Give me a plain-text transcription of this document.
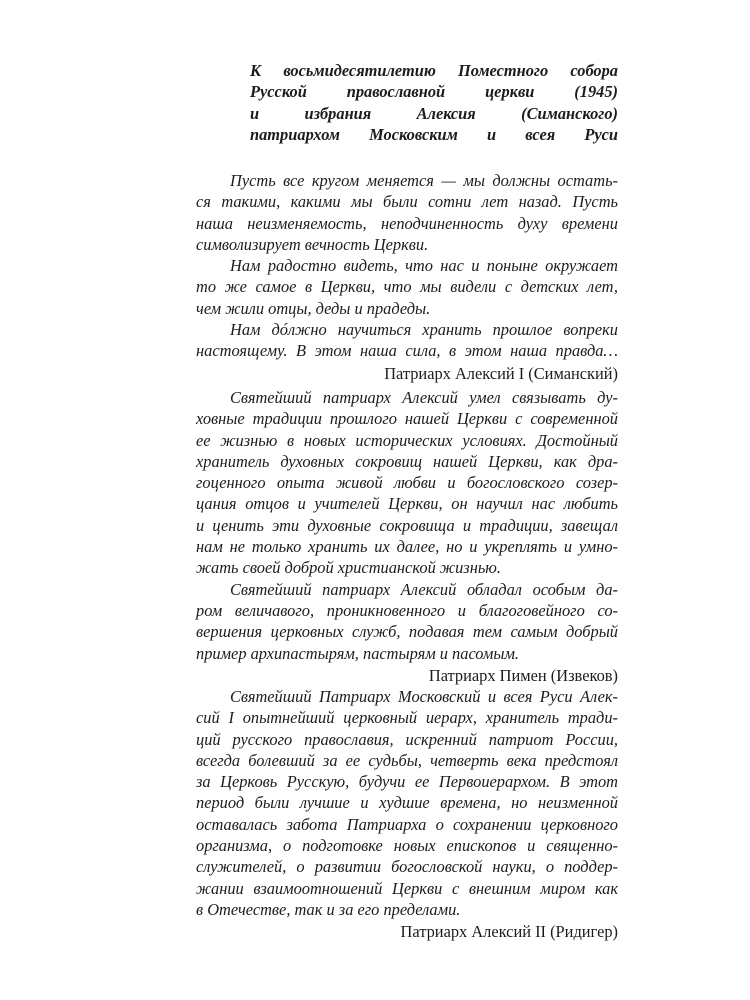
К восьмидесятилетию Поместного собора
Русской православной церкви (1945)
и избрания Алексия (Симанского)
патриархом Московским и всея Руси
Пусть все кругом меняется — мы должны остать-
ся такими, какими мы были сотни лет назад. Пусть
наша неизменяемость, неподчиненность духу времени
символизирует вечность Церкви.
Нам радостно видеть, что нас и поныне окружает
то же самое в Церкви, что мы видели с детских лет,
чем жили отцы, деды и прадеды.
Нам дóлжно научиться хранить прошлое вопреки
настоящему. В этом наша сила, в этом наша правда…
Патриарх Алексий I (Симанский)
Святейший патриарх Алексий умел связывать ду-
ховные традиции прошлого нашей Церкви с современной
ее жизнью в новых исторических условиях. Достойный
хранитель духовных сокровищ нашей Церкви, как дра-
гоценного опыта живой любви и богословского созер-
цания отцов и учителей Церкви, он научил нас любить
и ценить эти духовные сокровища и традиции, завещал
нам не только хранить их далее, но и укреплять и умно-
жать своей доброй христианской жизнью.
Святейший патриарх Алексий обладал особым да-
ром величавого, проникновенного и благоговейного со-
вершения церковных служб, подавая тем самым добрый
пример архипастырям, пастырям и пасомым.
Патриарх Пимен (Извеков)
Святейший Патриарх Московский и всея Руси Алек-
сий I опытнейший церковный иерарх, хранитель тради-
ций русского православия, искренний патриот России,
всегда болевший за ее судьбы, четверть века предстоял
за Церковь Русскую, будучи ее Первоиерархом. В этот
период были лучшие и худшие времена, но неизменной
оставалась забота Патриарха о сохранении церковного
организма, о подготовке новых епископов и священно-
служителей, о развитии богословской науки, о поддер-
жании взаимоотношений Церкви с внешним миром как
в Отечестве, так и за его пределами.
Патриарх Алексий II (Ридигер)
